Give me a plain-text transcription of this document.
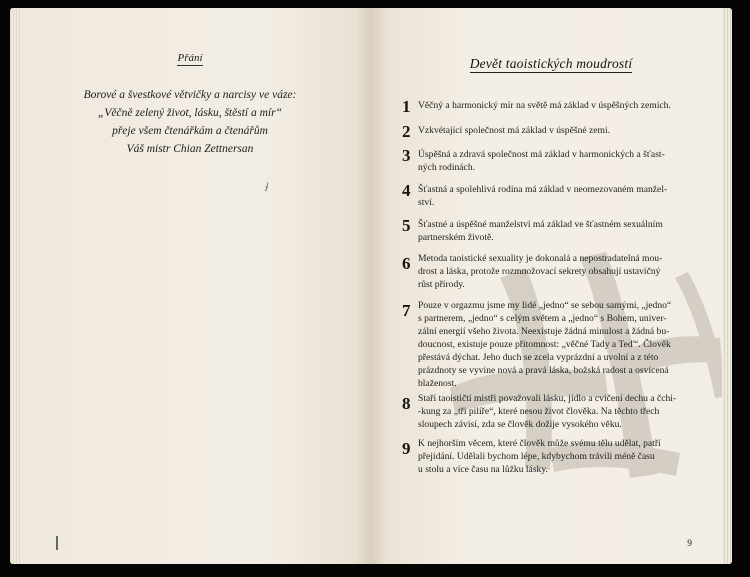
Přání
Borové a švestkové větvičky a narcisy ve váze:
„Věčně zelený život, lásku, štěstí a mír“
přeje všem čtenářkám a čtenářům
Váš mistr Chian Zettnersan
ɫ
Devět taoistických moudrostí
1 Věčný a harmonický mír na světě má základ v úspěšných zemích.
2 Vzkvétající společnost má základ v úspěšné zemi.
3 Úspěšná a zdravá společnost má základ v harmonických a šťast-
ných rodinách.
4 Šťastná a spolehlivá rodina má základ v neomezovaném manžel-
ství.
5 Šťastné a úspěšné manželství má základ ve šťastném sexuálním
partnerském životě.
6 Metoda taoistické sexuality je dokonalá a nepostradatelná mou-
drost a láska, protože rozmnožovací sekrety obsahují ustavičný
růst přírody.
7 Pouze v orgazmu jsme my lidé „jedno“ se sebou samými, „jedno“
s partnerem, „jedno“ s celým světem a „jedno“ s Bohem, univer-
zální energií všeho života. Neexistuje žádná minulost a žádná bu-
doucnost, existuje pouze přítomnost: „věčné Tady a Teď“. Člověk
přestává dýchat. Jeho duch se zcela vyprázdní a uvolní a z této
prázdnoty se vyvine nová a pravá láska, božská radost a osvícená
blaženost.
8 Staří taoističtí mistři považovali lásku, jídlo a cvičení dechu a čchi-
-kung za „tři pilíře“, které nesou život člověka. Na těchto třech
sloupech závisí, zda se člověk dožije vysokého věku.
9 K nejhorším věcem, které člověk může svému tělu udělat, patří
přejídání. Udělali bychom lépe, kdybychom trávili méně času
u stolu a více času na lůžku lásky.
9
